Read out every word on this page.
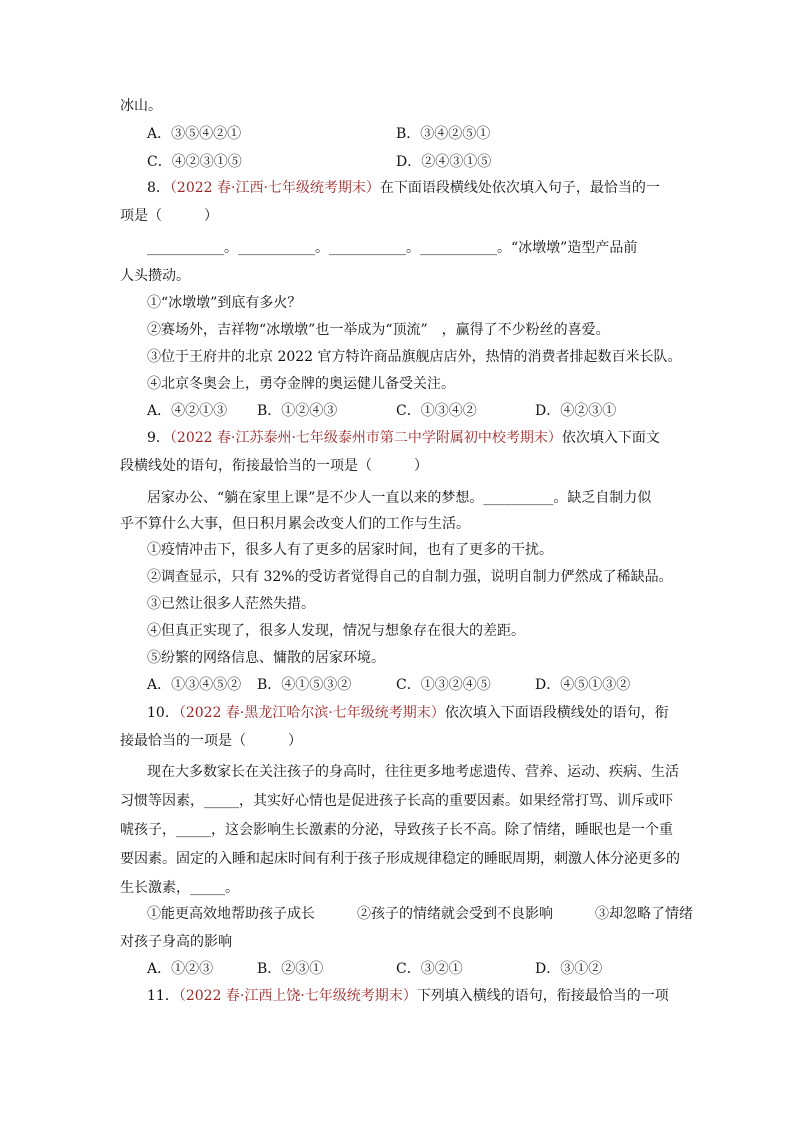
冰山。
A．③⑤④②①	B．③④②⑤①
C．④②③①⑤	D．②④③①⑤
8．（2022 春·江西·七年级统考期末）在下面语段横线处依次填入句子，最恰当的一
项是（　　　）
___________。___________。___________。___________。“冰墩墩”造型产品前
人头攒动。
①“冰墩墩”到底有多火？
②赛场外，吉祥物“冰墩墩”也一举成为“顶流”　，赢得了不少粉丝的喜爱。
③位于王府井的北京 2022 官方特许商品旗舰店店外，热情的消费者排起数百米长队。
④北京冬奥会上，勇夺金牌的奥运健儿备受关注。
A．④②①③ B．①②④③	C．①③④②	D．④②③①
9．（2022 春·江苏泰州·七年级泰州市第二中学附属初中校考期末）依次填入下面文
段横线处的语句，衔接最恰当的一项是（　　　）
居家办公、“躺在家里上课”是不少人一直以来的梦想。__________。缺乏自制力似
乎不算什么大事，但日积月累会改变人们的工作与生活。
①疫情冲击下，很多人有了更多的居家时间，也有了更多的干扰。
②调查显示，只有 32%的受访者觉得自己的自制力强，说明自制力俨然成了稀缺品。
③已然让很多人茫然失措。
④但真正实现了，很多人发现，情况与想象存在很大的差距。
⑤纷繁的网络信息、慵散的居家环境。
A．①③④⑤② B．④①⑤③②	C．①③②④⑤	D．④⑤①③②
10．（2022 春·黑龙江哈尔滨·七年级统考期末）依次填入下面语段横线处的语句，衔
接最恰当的一项是（　　　）
现在大多数家长在关注孩子的身高时，往往更多地考虑遗传、营养、运动、疾病、生活
习惯等因素，_____，其实好心情也是促进孩子长高的重要因素。如果经常打骂、训斥或吓
唬孩子，_____，这会影响生长激素的分泌，导致孩子长不高。除了情绪，睡眠也是一个重
要因素。固定的入睡和起床时间有利于孩子形成规律稳定的睡眠周期，刺激人体分泌更多的
生长激素，_____。
①能更高效地帮助孩子成长　　　②孩子的情绪就会受到不良影响　　　③却忽略了情绪
对孩子身高的影响
A．①②③	B．②③①	C．③②①	D．③①②
11．（2022 春·江西上饶·七年级统考期末）下列填入横线的语句，衔接最恰当的一项
